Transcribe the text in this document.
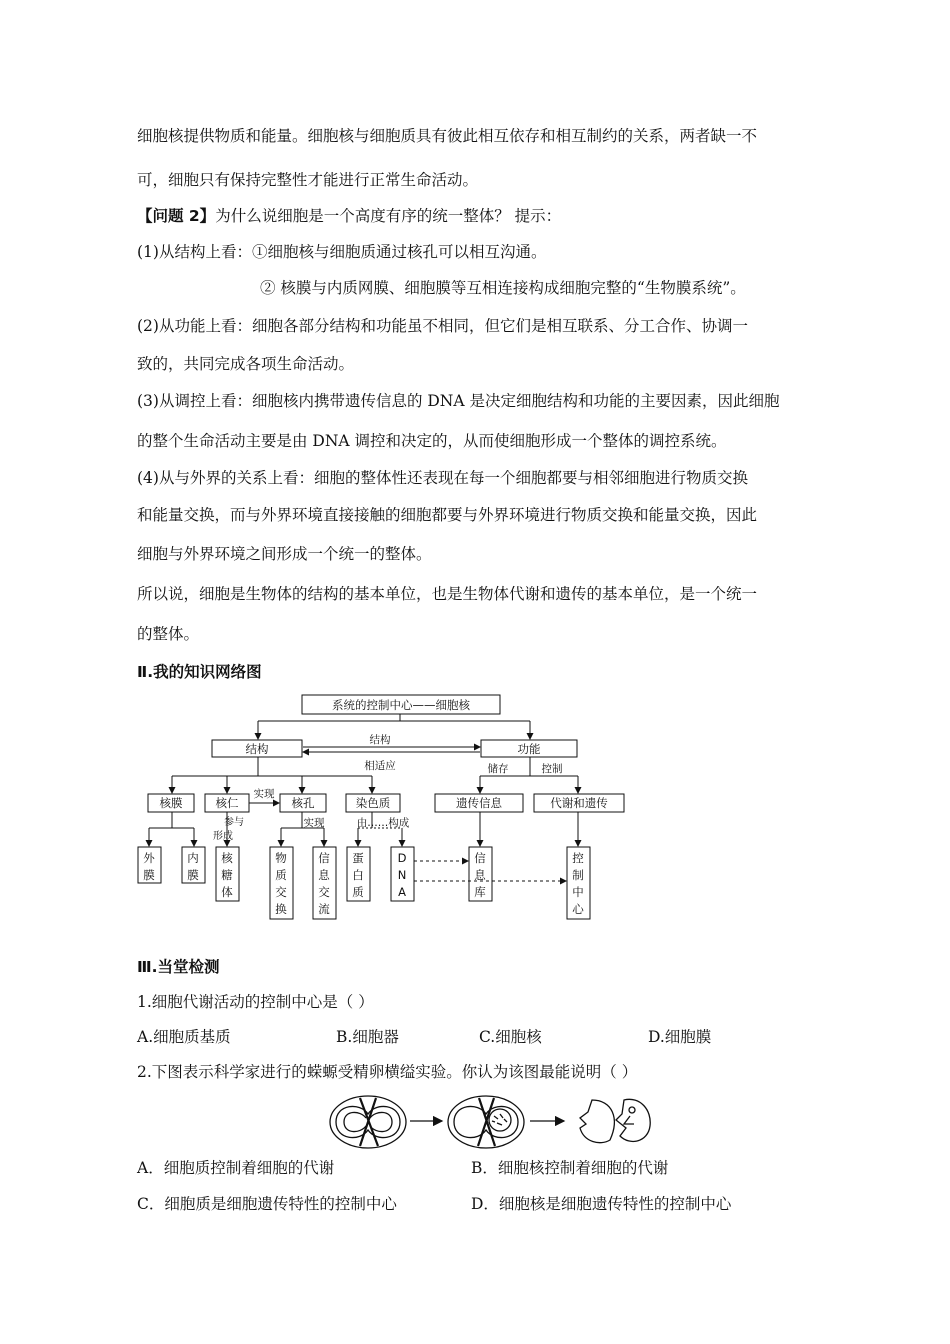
细胞核提供物质和能量。细胞核与细胞质具有彼此相互依存和相互制约的关系，两者缺一不
可，细胞只有保持完整性才能进行正常生命活动。
【问题 2】为什么说细胞是一个高度有序的统一整体？ 提示：
(1)从结构上看：①细胞核与细胞质通过核孔可以相互沟通。
② 核膜与内质网膜、细胞膜等互相连接构成细胞完整的“生物膜系统”。
(2)从功能上看：细胞各部分结构和功能虽不相同，但它们是相互联系、分工合作、协调一
致的，共同完成各项生命活动。
(3)从调控上看：细胞核内携带遗传信息的 DNA 是决定细胞结构和功能的主要因素，因此细胞
的整个生命活动主要是由 DNA 调控和决定的，从而使细胞形成一个整体的调控系统。
(4)从与外界的关系上看：细胞的整体性还表现在每一个细胞都要与相邻细胞进行物质交换
和能量交换，而与外界环境直接接触的细胞都要与外界环境进行物质交换和能量交换，因此
细胞与外界环境之间形成一个统一的整体。
所以说，细胞是生物体的结构的基本单位，也是生物体代谢和遗传的基本单位，是一个统一
的整体。
Ⅱ.我的知识网络图
系统的控制中心——细胞核
结构	功能
结构
相适应	储存	控制
核膜	核仁	核孔	染色质	遗传信息	代谢和遗传
实现
参与
形成
实现	由……构成
外
膜
内
膜
核
糖
体
物
质
交
换
信
息
交
流
蛋
白
质
D
N
A
信
息
库
控
制
中
心
Ⅲ.当堂检测
1.细胞代谢活动的控制中心是（ ）
A.细胞质基质	B.细胞器	C.细胞核	D.细胞膜
2.下图表示科学家进行的蝾螈受精卵横缢实验。你认为该图最能说明（ ）
A．细胞质控制着细胞的代谢	B．细胞核控制着细胞的代谢
C．细胞质是细胞遗传特性的控制中心	D．细胞核是细胞遗传特性的控制中心
